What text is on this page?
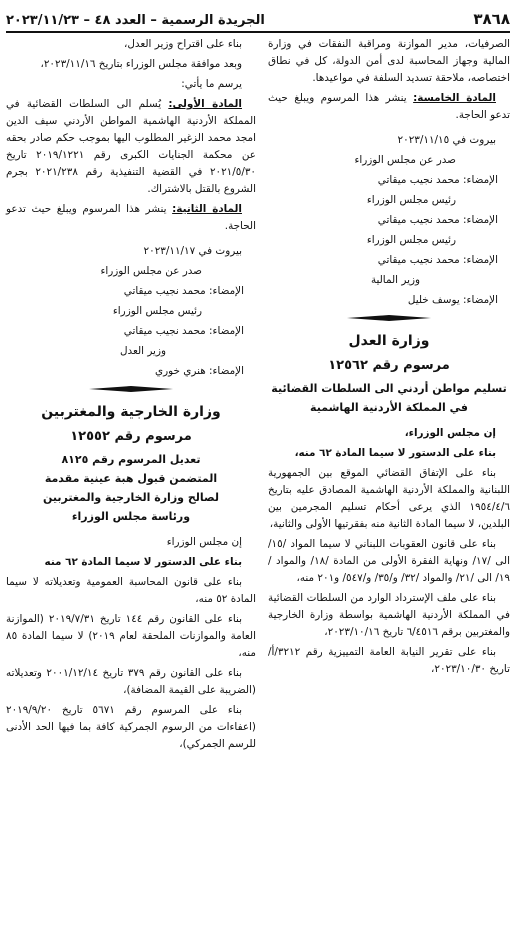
٣٨٦٨
الجريدة الرسمية – العدد ٤٨ – ٢٠٢٣/١١/٢٣

الصرفيات، مدير الموازنة ومراقبة النفقات في وزارة المالية وجهاز المحاسبة لدى أمن الدولة، كل في نطاق اختصاصه، ملاحقة تسديد السلفة في مواعيدها.

المادة الخامسة: ينشر هذا المرسوم ويبلغ حيث تدعو الحاجة.

بيروت في ٢٠٢٣/١١/١٥

صدر عن مجلس الوزراء

الإمضاء: محمد نجيب ميقاتي

رئيس مجلس الوزراء

الإمضاء: محمد نجيب ميقاتي

رئيس مجلس الوزراء

الإمضاء: محمد نجيب ميقاتي

وزير المالية

الإمضاء: يوسف خليل

وزارة العدل
مرسوم رقم ١٢٥٦٢
تسليم مواطن أردني الى السلطات القضائية
في المملكة الأردنية الهاشمية

إن مجلس الوزراء،

بناء على الدستور لا سيما المادة ٦٢ منه،

بناء على الإتفاق القضائي الموقع بين الجمهورية اللبنانية والمملكة الأردنية الهاشمية المصادق عليه بتاريخ ١٩٥٤/٤/٦ الذي يرعى أحكام تسليم المجرمين بين البلدين، لا سيما المادة الثانية منه بفقرتيها الأولى والثانية،

بناء على قانون العقوبات اللبناني لا سيما المواد /١٥/ الى /١٧/ ونهاية الفقرة الأولى من المادة /١٨/ والمواد /١٩/ الى /٢١/ والمواد /٣٢/ و/٣٥/ و/٥٤٧/ و٢٠١ منه،

بناء على ملف الإسترداد الوارد من السلطات القضائية في المملكة الأردنية الهاشمية بواسطة وزارة الخارجية والمغتربين برقم ٦/٤٥١٦ تاريخ ٢٠٢٣/١٠/١٦،

بناء على تقرير النيابة العامة التمييزية رقم ٣٢١٢/أ/ تاريخ ٢٠٢٣/١٠/٣٠،

بناء على اقتراح وزير العدل،

وبعد موافقة مجلس الوزراء بتاريخ ٢٠٢٣/١١/١٦،

يرسم ما يأتي:

المادة الأولى: يُسلم الى السلطات القضائية في المملكة الأردنية الهاشمية المواطن الأردني سيف الدين امجد محمد الزغير المطلوب اليها بموجب حكم صادر بحقه عن محكمة الجنايات الكبرى رقم ٢٠١٩/١٢٢١ تاريخ ٢٠٢١/٥/٣٠ في القضية التنفيذية رقم ٢٠٢١/٢٣٨ بجرم الشروع بالقتل بالاشتراك.

المادة الثانية: ينشر هذا المرسوم ويبلغ حيث تدعو الحاجة.

بيروت في ٢٠٢٣/١١/١٧

صدر عن مجلس الوزراء

الإمضاء: محمد نجيب ميقاتي

رئيس مجلس الوزراء

الإمضاء: محمد نجيب ميقاتي

وزير العدل

الإمضاء: هنري خوري

وزارة الخارجية والمغتربين
مرسوم رقم ١٢٥٥٢
تعديل المرسوم رقم ٨١٢٥
المتضمن قبول هبة عينية مقدمة
لصالح وزارة الخارجية والمغتربين
ورئاسة مجلس الوزراء

إن مجلس الوزراء

بناء على الدستور لا سيما المادة ٦٢ منه

بناء على قانون المحاسبة العمومية وتعديلاته لا سيما المادة ٥٢ منه،

بناء على القانون رقم ١٤٤ تاريخ ٢٠١٩/٧/٣١ (الموازنة العامة والموازنات الملحقة لعام ٢٠١٩) لا سيما المادة ٨٥ منه،

بناء على القانون رقم ٣٧٩ تاريخ ٢٠٠١/١٢/١٤ وتعديلاته (الضريبة على القيمة المضافة)،

بناء على المرسوم رقم ٥٦٧١ تاريخ ٢٠١٩/٩/٢٠ (اعفاءات من الرسوم الجمركية كافة بما فيها الحد الأدنى للرسم الجمركي)،
